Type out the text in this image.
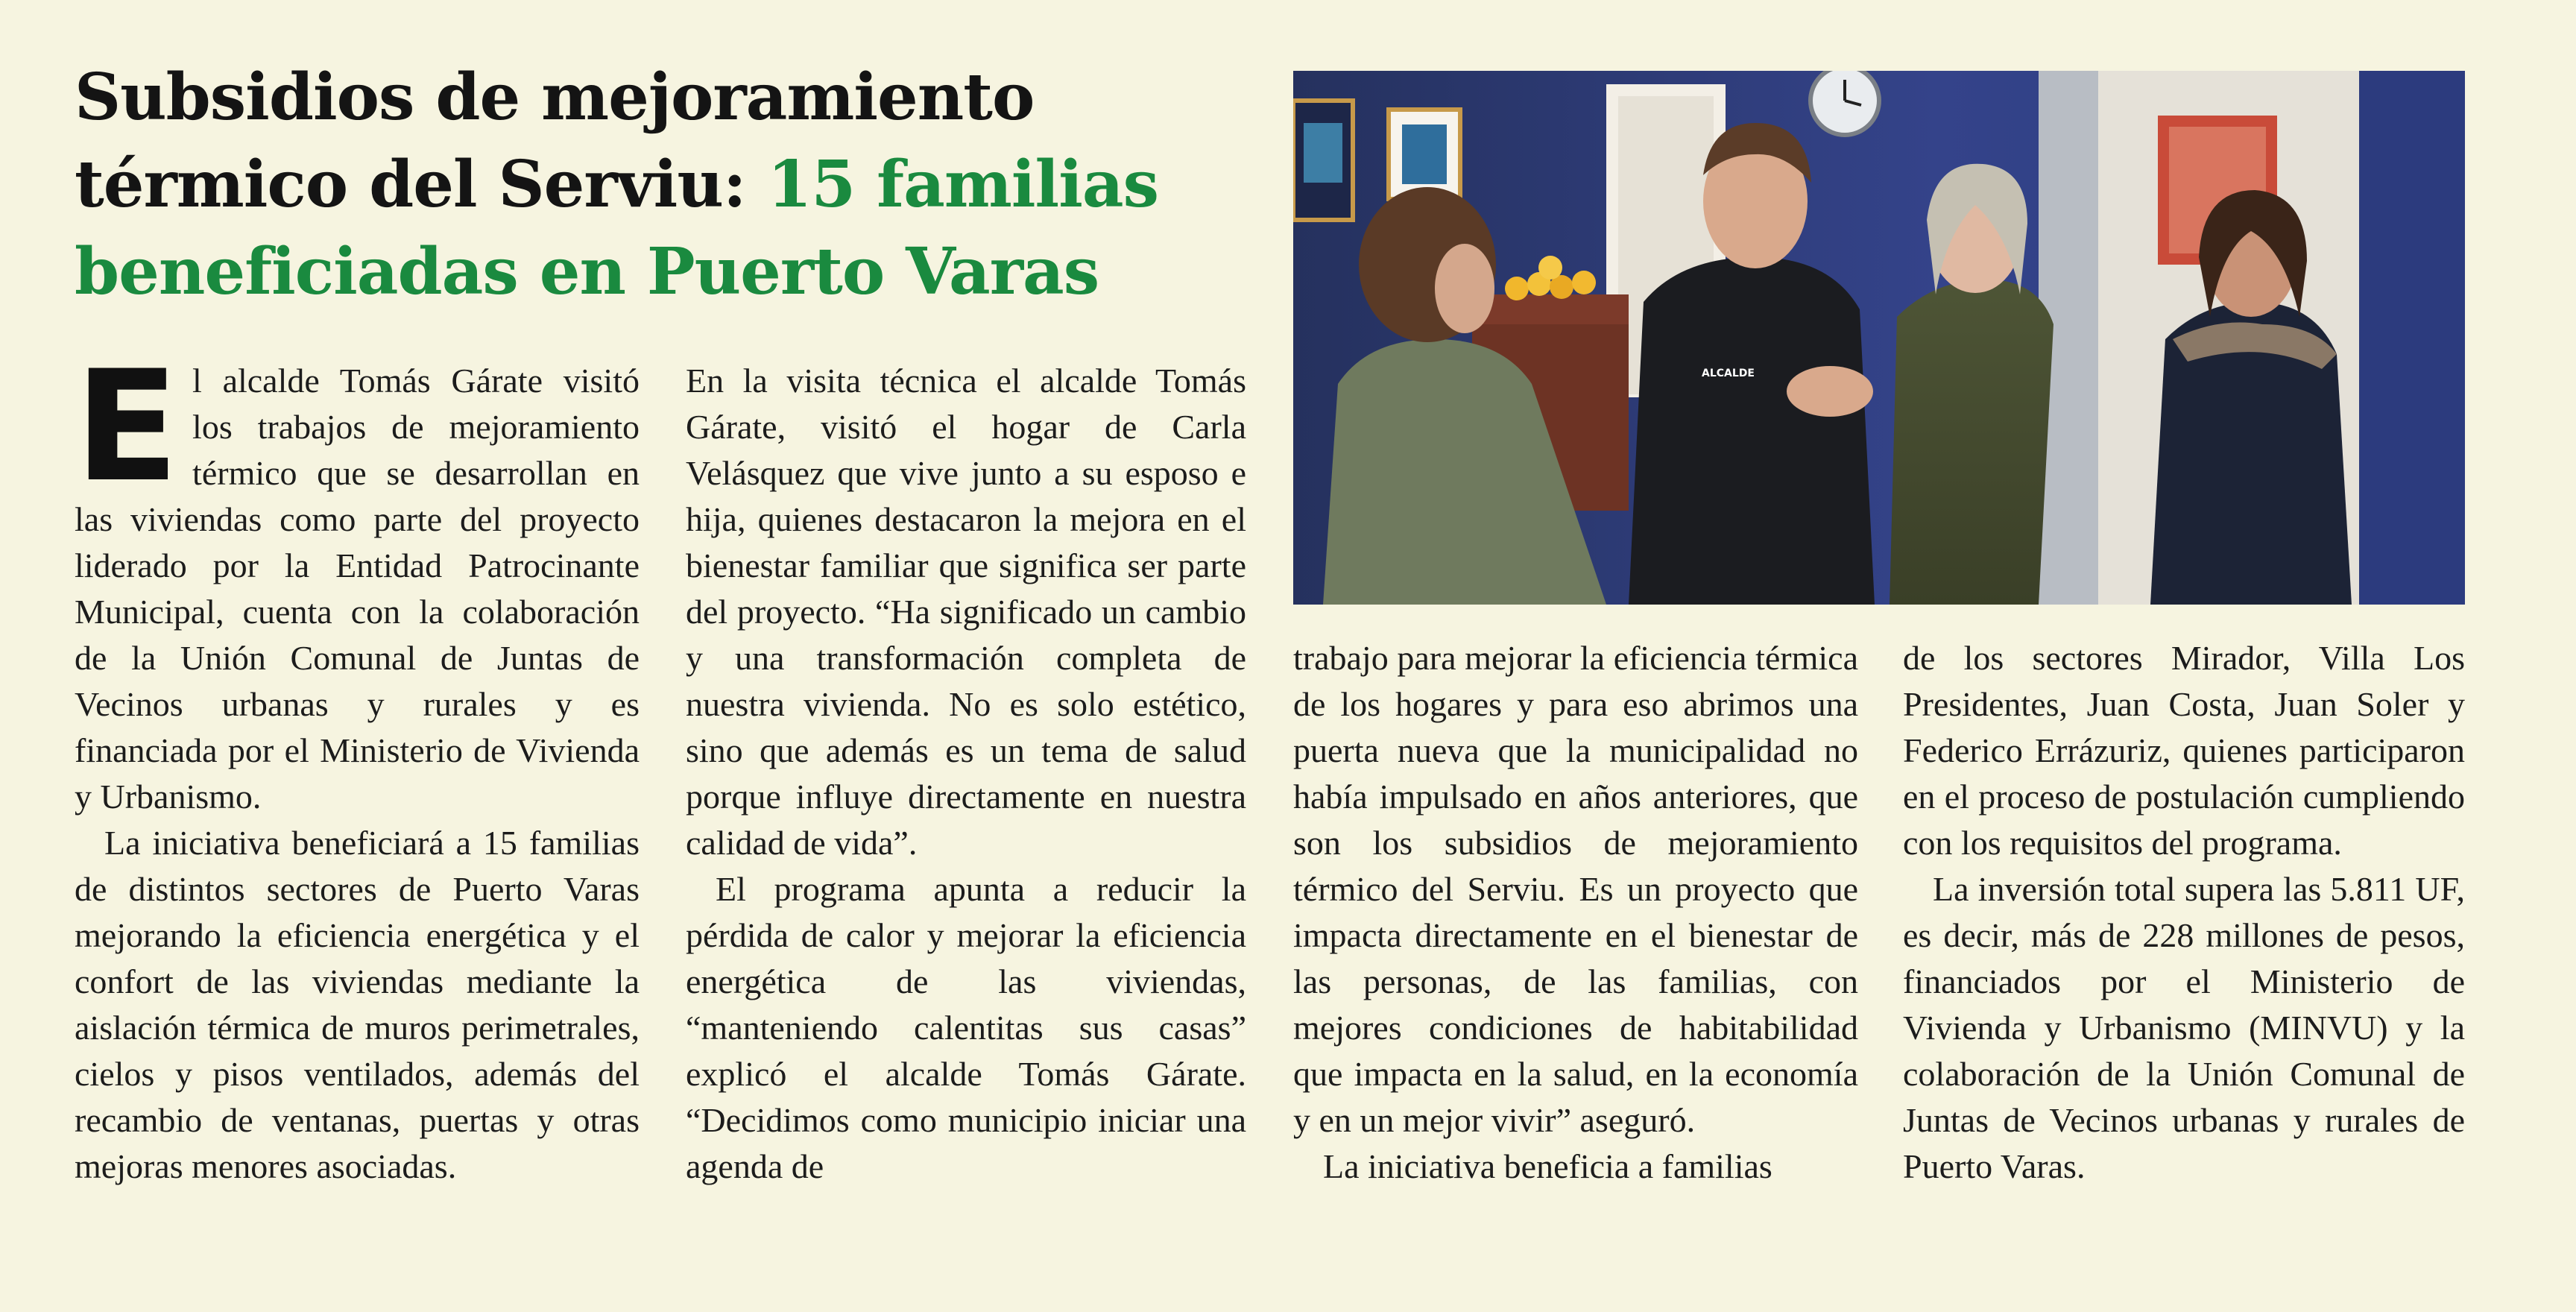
Subsidios de mejoramiento térmico del Serviu: 15 familias beneficiadas en Puerto Varas
ALCALDE

El alcalde Tomás Gárate visitó los trabajos de mejoramiento térmico que se desarrollan en las viviendas como parte del proyecto liderado por la Entidad Patrocinante Municipal, cuenta con la colaboración de la Unión Comunal de Juntas de Vecinos urbanas y rurales y es financiada por el Ministerio de Vivienda y Urbanismo.

La iniciativa beneficiará a 15 familias de distintos sectores de Puerto Varas mejorando la eficiencia energética y el confort de las viviendas mediante la aislación térmica de muros perimetrales, cielos y pisos ventilados, además del recambio de ventanas, puertas y otras mejoras menores asociadas.

En la visita técnica el alcalde Tomás Gárate, visitó el hogar de Carla Velásquez que vive junto a su esposo e hija, quienes destacaron la mejora en el bienestar familiar que significa ser parte del proyecto. “Ha significado un cambio y una transformación completa de nuestra vivienda. No es solo estético, sino que además es un tema de salud porque influye directamente en nuestra calidad de vida”.

El programa apunta a reducir la pérdida de calor y mejorar la eficiencia energética de las viviendas, “manteniendo calentitas sus casas” explicó el alcalde Tomás Gárate. “Decidimos como municipio iniciar una agenda de

trabajo para mejorar la eficiencia térmica de los hogares y para eso abrimos una puerta nueva que la municipalidad no había impulsado en años anteriores, que son los subsidios de mejoramiento térmico del Serviu. Es un proyecto que impacta directamente en el bienestar de las personas, de las familias, con mejores condiciones de habitabilidad que impacta en la salud, en la economía y en un mejor vivir” aseguró.

La iniciativa beneficia a familias

de los sectores Mirador, Villa Los Presidentes, Juan Costa, Juan Soler y Federico Errázuriz, quienes participaron en el proceso de postulación cumpliendo con los requisitos del programa.

La inversión total supera las 5.811 UF, es decir, más de 228 millones de pesos, financiados por el Ministerio de Vivienda y Urbanismo (MINVU) y la colaboración de la Unión Comunal de Juntas de Vecinos urbanas y rurales de Puerto Varas.
